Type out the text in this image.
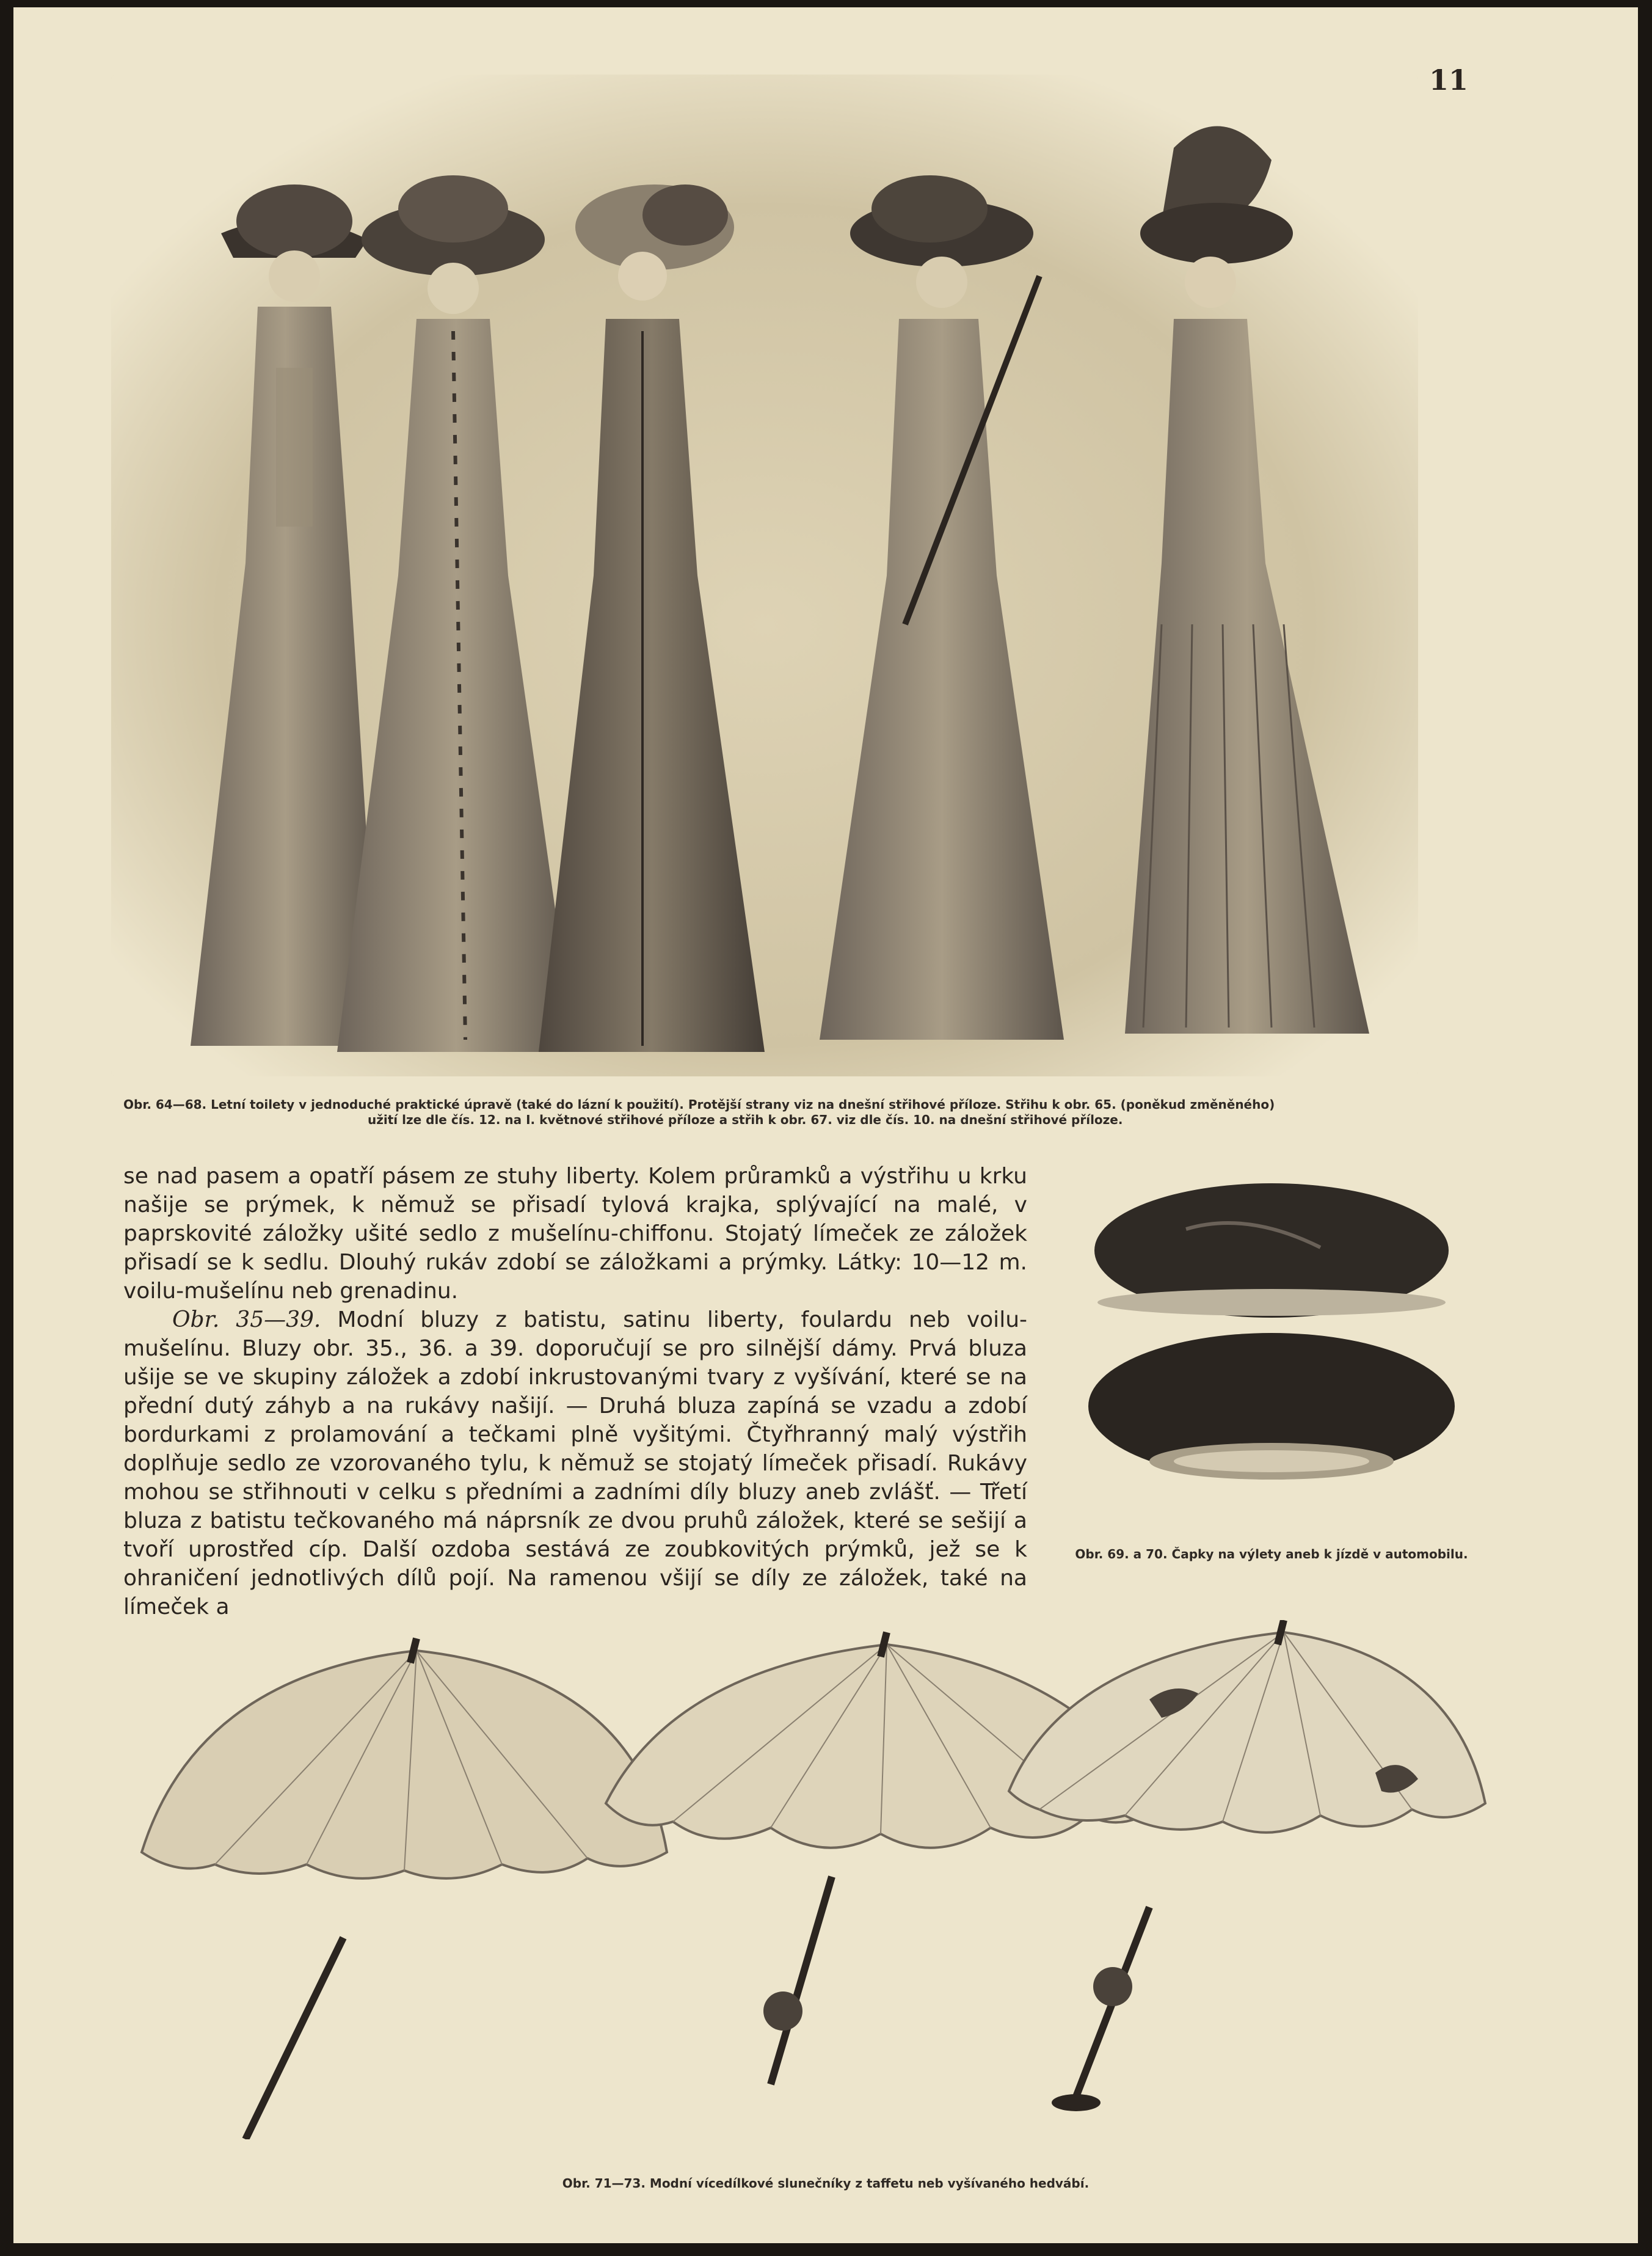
11
Obr. 64—68. Letní toilety v jednoduché praktické úpravě (také do lázní k použití). Protější strany viz na dnešní střihové příloze. Střihu k obr. 65. (poněkud změněného)
užití lze dle čís. 12. na I. květnové střihové příloze a střih k obr. 67. viz dle čís. 10. na dnešní střihové příloze.

se nad pasem a opatří pásem ze stuhy liberty. Kolem průramků a výstřihu u krku našije se prýmek, k němuž se přisadí tylová krajka, splývající na malé, v paprskovité záložky ušité sedlo z mušelínu-chiffonu. Stojatý límeček ze záložek přisadí se k sedlu. Dlouhý rukáv zdobí se záložkami a prýmky. Látky: 10—12 m. voilu-mušelínu neb grenadinu.

Obr. 35—39. Modní bluzy z batistu, satinu liberty, foulardu neb voilu-mušelínu. Bluzy obr. 35., 36. a 39. doporučují se pro silnější dámy. Prvá bluza ušije se ve skupiny záložek a zdobí inkrustovanými tvary z vyšívání, které se na přední dutý záhyb a na rukávy našijí. — Druhá bluza zapíná se vzadu a zdobí bordurkami z prolamování a tečkami plně vyšitými. Čtyřhranný malý výstřih doplňuje sedlo ze vzorovaného tylu, k němuž se stojatý límeček přisadí. Rukávy mohou se střihnouti v celku s předními a zadními díly bluzy aneb zvlášť. — Třetí bluza z batistu tečkovaného má náprsník ze dvou pruhů záložek, které se sešijí a tvoří uprostřed cíp. Další ozdoba sestává ze zoubkovitých prýmků, jež se k ohraničení jednotlivých dílů pojí. Na ramenou všijí se díly ze záložek, také na límeček a

Obr. 69. a 70. Čapky na výlety aneb k jízdě v automobilu.
Obr. 71—73. Modní vícedílkové slunečníky z taffetu neb vyšívaného hedvábí.
